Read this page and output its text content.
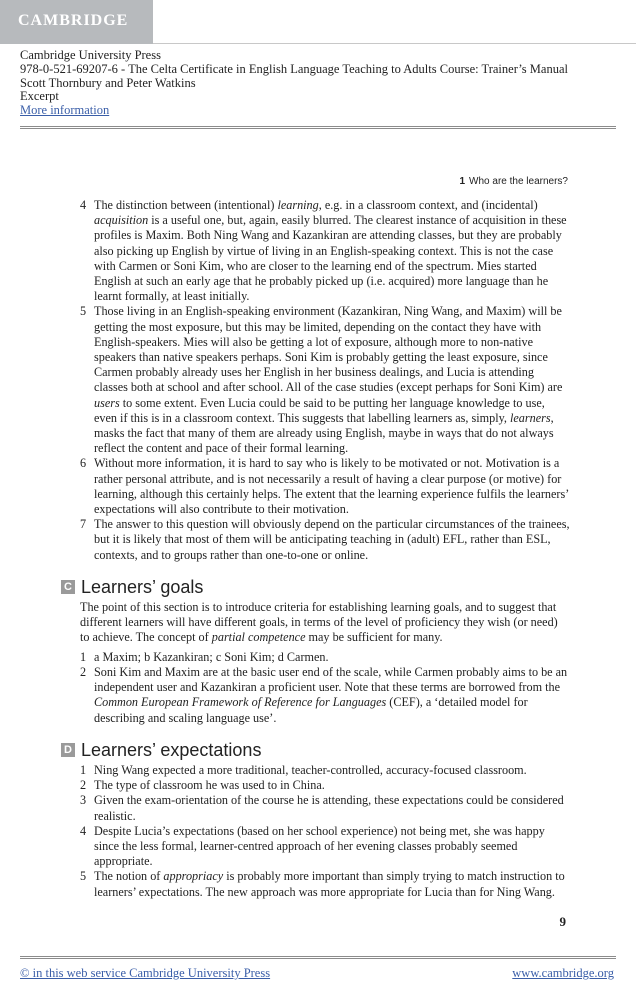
CAMBRIDGE
Cambridge University Press
978-0-521-69207-6 - The Celta Certificate in English Language Teaching to Adults Course: Trainer’s Manual
Scott Thornbury and Peter Watkins
Excerpt
More information
1 Who are the learners?
4 The distinction between (intentional) learning, e.g. in a classroom context, and (incidental) acquisition is a useful one, but, again, easily blurred. The clearest instance of acquisition in these profiles is Maxim. Both Ning Wang and Kazankiran are attending classes, but they are probably also picking up English by virtue of living in an English-speaking context. This is not the case with Carmen or Soni Kim, who are closer to the learning end of the spectrum. Mies started English at such an early age that he probably picked up (i.e. acquired) more language than he learnt formally, at least initially.
5 Those living in an English-speaking environment (Kazankiran, Ning Wang, and Maxim) will be getting the most exposure, but this may be limited, depending on the contact they have with English-speakers. Mies will also be getting a lot of exposure, although more to non-native speakers than native speakers perhaps. Soni Kim is probably getting the least exposure, since Carmen probably already uses her English in her business dealings, and Lucia is attending classes both at school and after school. All of the case studies (except perhaps for Soni Kim) are users to some extent. Even Lucia could be said to be putting her language knowledge to use, even if this is in a classroom context. This suggests that labelling learners as, simply, learners, masks the fact that many of them are already using English, maybe in ways that do not always reflect the content and pace of their formal learning.
6 Without more information, it is hard to say who is likely to be motivated or not. Motivation is a rather personal attribute, and is not necessarily a result of having a clear purpose (or motive) for learning, although this certainly helps. The extent that the learning experience fulfils the learners’ expectations will also contribute to their motivation.
7 The answer to this question will obviously depend on the particular circumstances of the trainees, but it is likely that most of them will be anticipating teaching in (adult) EFL, rather than ESL, contexts, and to groups rather than one-to-one or online.
C Learners’ goals

The point of this section is to introduce criteria for establishing learning goals, and to suggest that different learners will have different goals, in terms of the level of proficiency they wish (or need) to achieve. The concept of partial competence may be sufficient for many.

1 a Maxim; b Kazankiran; c Soni Kim; d Carmen.
2 Soni Kim and Maxim are at the basic user end of the scale, while Carmen probably aims to be an independent user and Kazankiran a proficient user. Note that these terms are borrowed from the Common European Framework of Reference for Languages (CEF), a ‘detailed model for describing and scaling language use’.
D Learners’ expectations
1 Ning Wang expected a more traditional, teacher-controlled, accuracy-focused classroom.
2 The type of classroom he was used to in China.
3 Given the exam-orientation of the course he is attending, these expectations could be considered realistic.
4 Despite Lucia’s expectations (based on her school experience) not being met, she was happy since the less formal, learner-centred approach of her evening classes probably seemed appropriate.
5 The notion of appropriacy is probably more important than simply trying to match instruction to learners’ expectations. The new approach was more appropriate for Lucia than for Ning Wang.
9
© in this web service Cambridge University Press	www.cambridge.org
